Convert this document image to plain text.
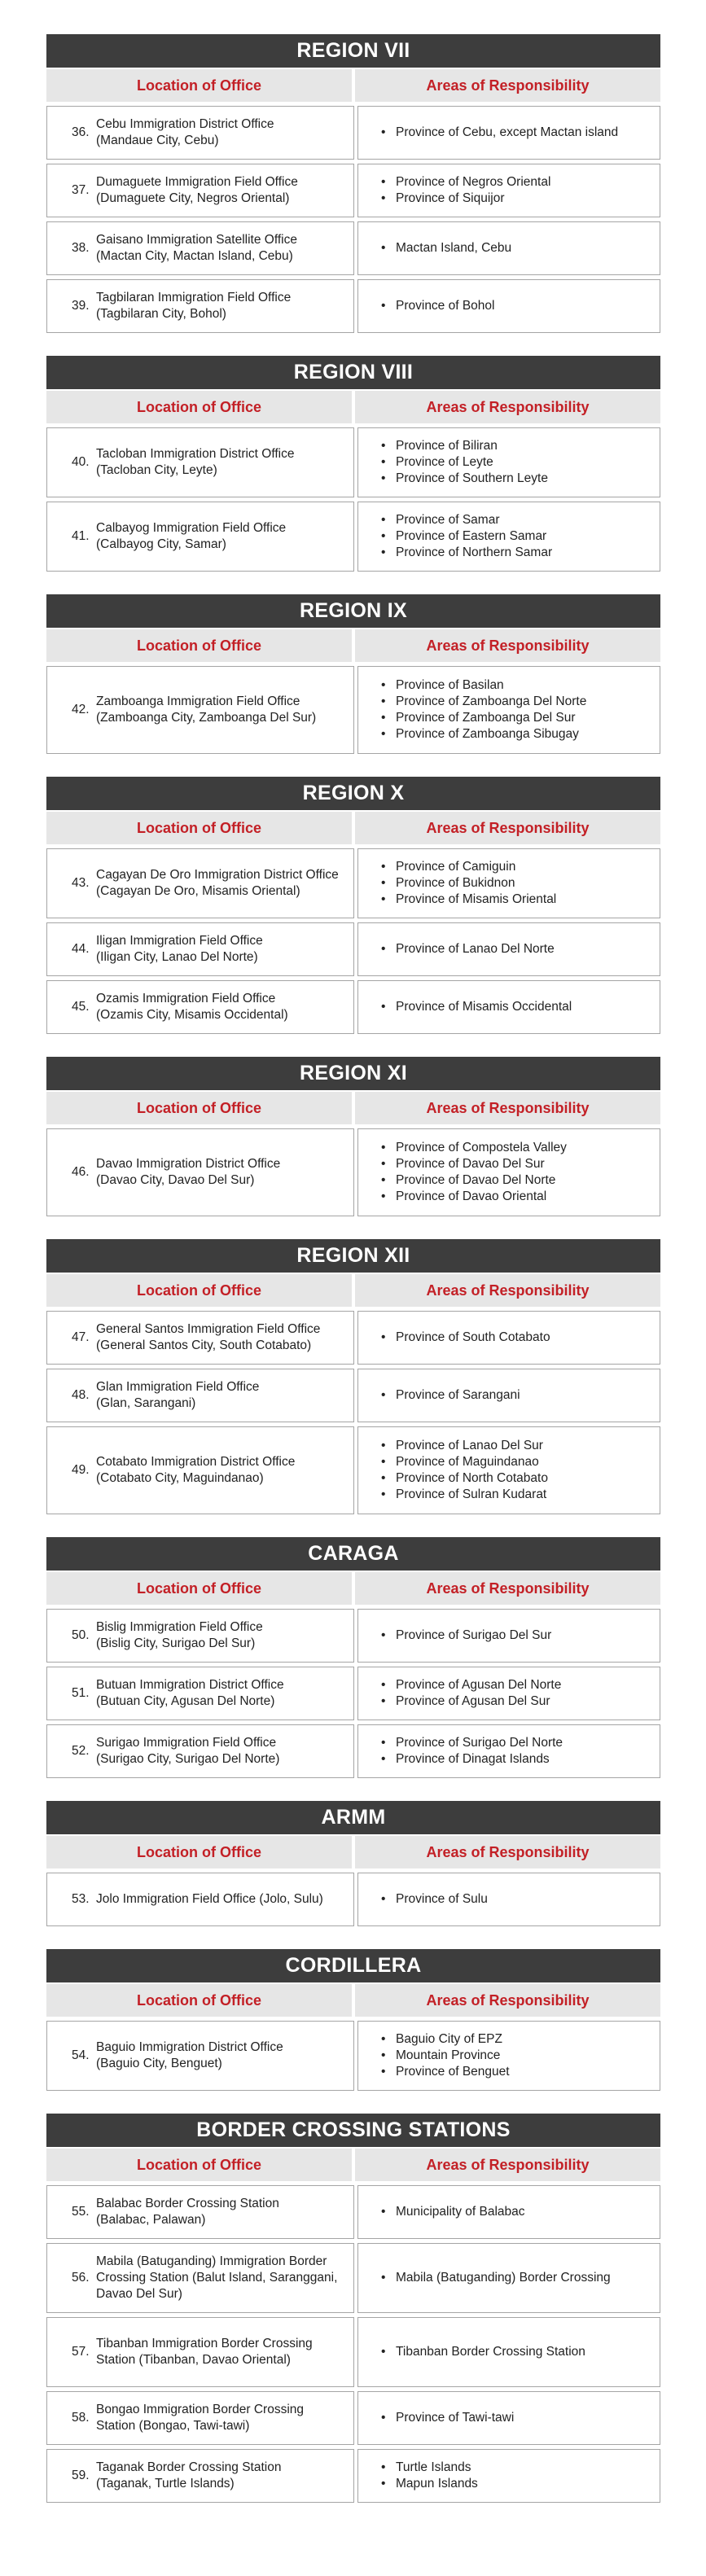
REGION VII
Location of Office	Areas of Responsibility
36.
Cebu Immigration District Office
(Mandaue City, Cebu)
• Province of Cebu, except Mactan island
37.
Dumaguete Immigration Field Office
(Dumaguete City, Negros Oriental)
• Province of Negros Oriental
• Province of Siquijor
38.
Gaisano Immigration Satellite Office
(Mactan City, Mactan Island, Cebu)
• Mactan Island, Cebu
39.
Tagbilaran Immigration Field Office
(Tagbilaran City, Bohol)
• Province of Bohol
REGION VIII
Location of Office	Areas of Responsibility
40.
Tacloban Immigration District Office
(Tacloban City, Leyte)
• Province of Biliran
• Province of Leyte
• Province of Southern Leyte
41.
Calbayog Immigration Field Office
(Calbayog City, Samar)
• Province of Samar
• Province of Eastern Samar
• Province of Northern Samar
REGION IX
Location of Office	Areas of Responsibility
42.
Zamboanga Immigration Field Office
(Zamboanga City, Zamboanga Del Sur)
• Province of Basilan
• Province of Zamboanga Del Norte
• Province of Zamboanga Del Sur
• Province of Zamboanga Sibugay
REGION X
Location of Office	Areas of Responsibility
43.
Cagayan De Oro Immigration District Office
(Cagayan De Oro, Misamis Oriental)
• Province of Camiguin
• Province of Bukidnon
• Province of Misamis Oriental
44.
Iligan Immigration Field Office
(Iligan City, Lanao Del Norte)
• Province of Lanao Del Norte
45.
Ozamis Immigration Field Office
(Ozamis City, Misamis Occidental)
• Province of Misamis Occidental
REGION XI
Location of Office	Areas of Responsibility
46.
Davao Immigration District Office
(Davao City, Davao Del Sur)
• Province of Compostela Valley
• Province of Davao Del Sur
• Province of Davao Del Norte
• Province of Davao Oriental
REGION XII
Location of Office	Areas of Responsibility
47.
General Santos Immigration Field Office
(General Santos City, South Cotabato)
• Province of South Cotabato
48.
Glan Immigration Field Office
(Glan, Sarangani)
• Province of Sarangani
49.
Cotabato Immigration District Office
(Cotabato City, Maguindanao)
• Province of Lanao Del Sur
• Province of Maguindanao
• Province of North Cotabato
• Province of Sulran Kudarat
CARAGA
Location of Office	Areas of Responsibility
50.
Bislig Immigration Field Office
(Bislig City, Surigao Del Sur)
• Province of Surigao Del Sur
51.
Butuan Immigration District Office
(Butuan City, Agusan Del Norte)
• Province of Agusan Del Norte
• Province of Agusan Del Sur
52.
Surigao Immigration Field Office
(Surigao City, Surigao Del Norte)
• Province of Surigao Del Norte
• Province of Dinagat Islands
ARMM
Location of Office	Areas of Responsibility
53. Jolo Immigration Field Office (Jolo, Sulu)
•	Province of Sulu
CORDILLERA
Location of Office	Areas of Responsibility
54.
Baguio Immigration District Office
(Baguio City, Benguet)
• Baguio City of EPZ
• Mountain Province
• Province of Benguet
BORDER CROSSING STATIONS
Location of Office	Areas of Responsibility
55.
Balabac Border Crossing Station
(Balabac, Palawan)
• Municipality of Balabac
56.
Mabila (Batuganding) Immigration Border Crossing Station (Balut Island, Saranggani, Davao Del Sur)
• Mabila (Batuganding) Border Crossing
57.
Tibanban Immigration Border Crossing Station (Tibanban, Davao Oriental)
• Tibanban Border Crossing Station
58.
Bongao Immigration Border Crossing Station (Bongao, Tawi-tawi)
• Province of Tawi-tawi
59.
Taganak Border Crossing Station
(Taganak, Turtle Islands)
• Turtle Islands
• Mapun Islands
